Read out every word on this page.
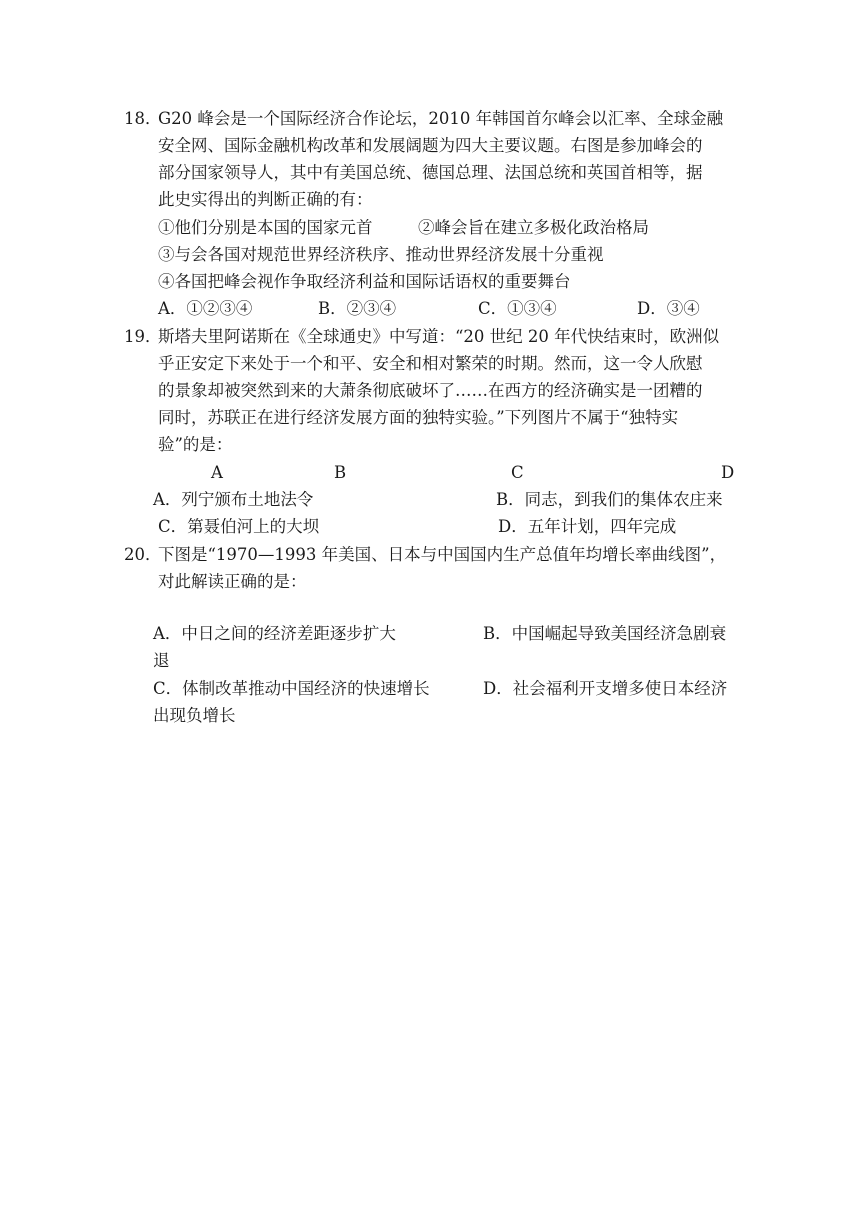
18．
G20 峰会是一个国际经济合作论坛，2010 年韩国首尔峰会以汇率、全球金融
安全网、国际金融机构改革和发展阔题为四大主要议题。右图是参加峰会的
部分国家领导人，其中有美国总统、德国总理、法国总统和英国首相等，据
此史实得出的判断正确的有：
①他们分别是本国的国家元首	②峰会旨在建立多极化政治格局
③与会各国对规范世界经济秩序、推动世界经济发展十分重视
④各国把峰会视作争取经济利益和国际话语权的重要舞台
A．①②③④	B．②③④	C．①③④	D．③④
19．
斯塔夫里阿诺斯在《全球通史》中写道：“20 世纪 20 年代快结束时，欧洲似
乎正安定下来处于一个和平、安全和相对繁荣的时期。然而，这一令人欣慰
的景象却被突然到来的大萧条彻底破坏了……在西方的经济确实是一团糟的
同时，苏联正在进行经济发展方面的独特实验。”下列图片不属于“独特实
验”的是：
A	B	C	D
A．列宁颁布土地法令	B．同志，到我们的集体农庄来
C．第聂伯河上的大坝	D．五年计划，四年完成
20．
下图是“1970—1993 年美国、日本与中国国内生产总值年均增长率曲线图”，
对此解读正确的是：
A．中日之间的经济差距逐步扩大	B．中国崛起导致美国经济急剧衰
退
C．体制改革推动中国经济的快速增长	D．社会福利开支增多使日本经济
出现负增长
